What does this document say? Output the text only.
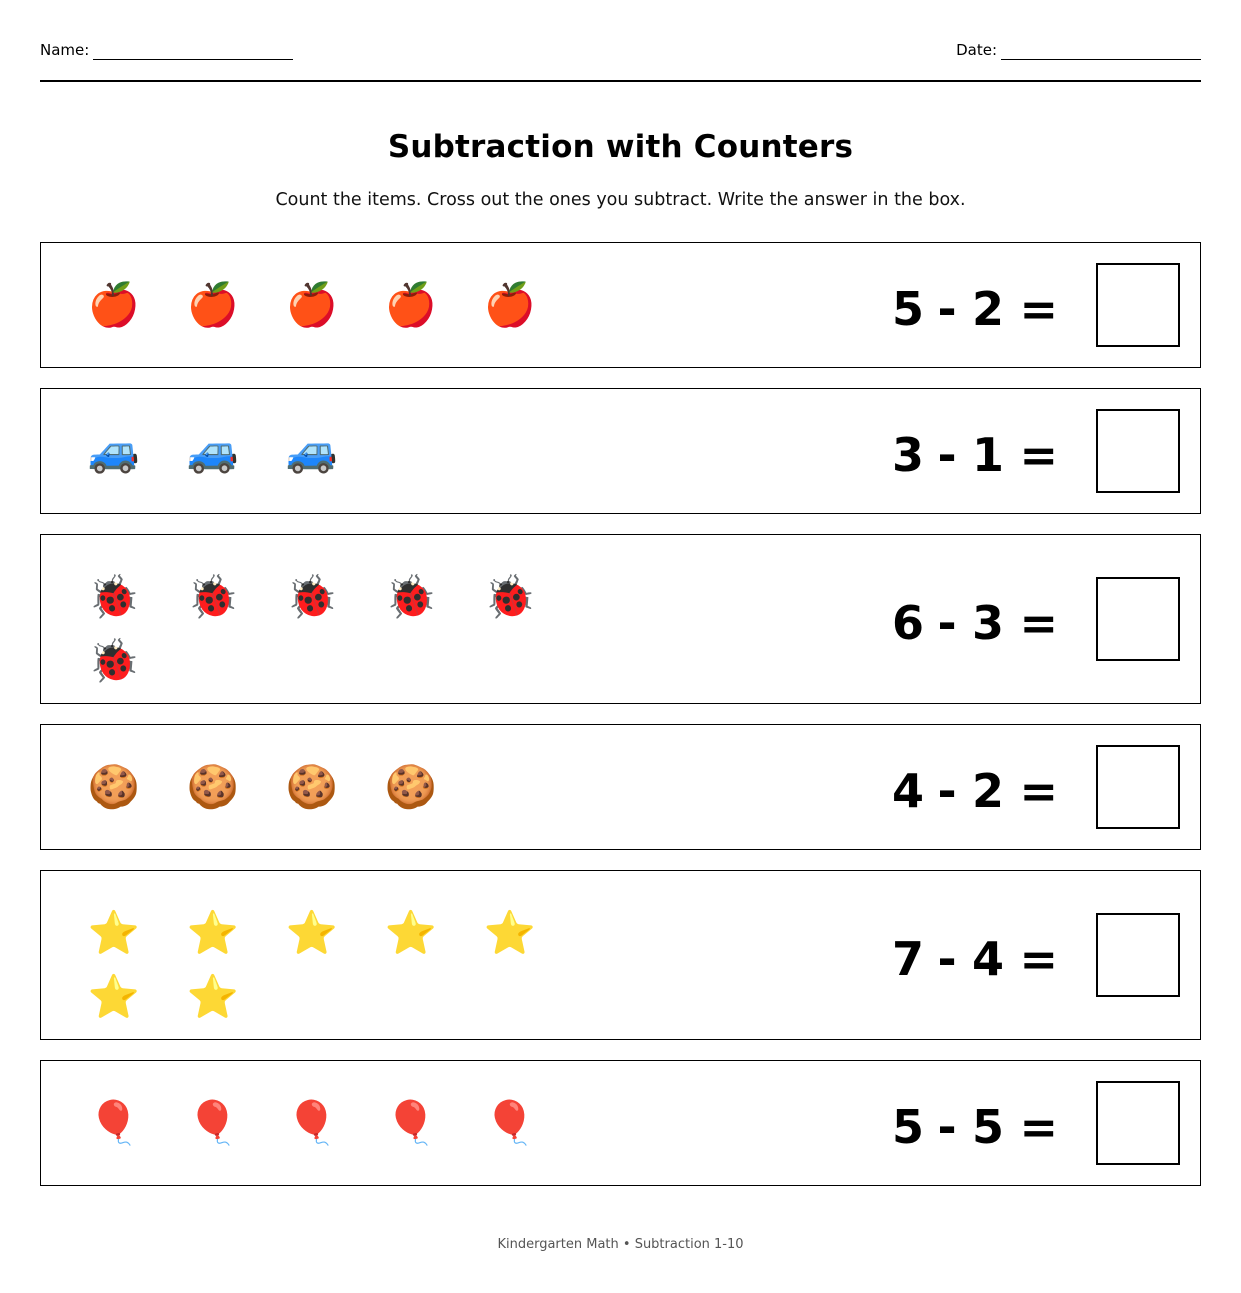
Name:	Date:
Subtraction with Counters
Count the items. Cross out the ones you subtract. Write the answer in the box.
🍎 🍎 🍎 🍎 🍎	5 - 2 =
🚙 🚙 🚙	3 - 1 =
🐞 🐞 🐞 🐞 🐞
🐞
6 - 3 =
🍪 🍪 🍪 🍪	4 - 2 =
⭐ ⭐ ⭐ ⭐ ⭐
⭐ ⭐
7 - 4 =
🎈 🎈 🎈 🎈 🎈	5 - 5 =
Kindergarten Math • Subtraction 1-10
